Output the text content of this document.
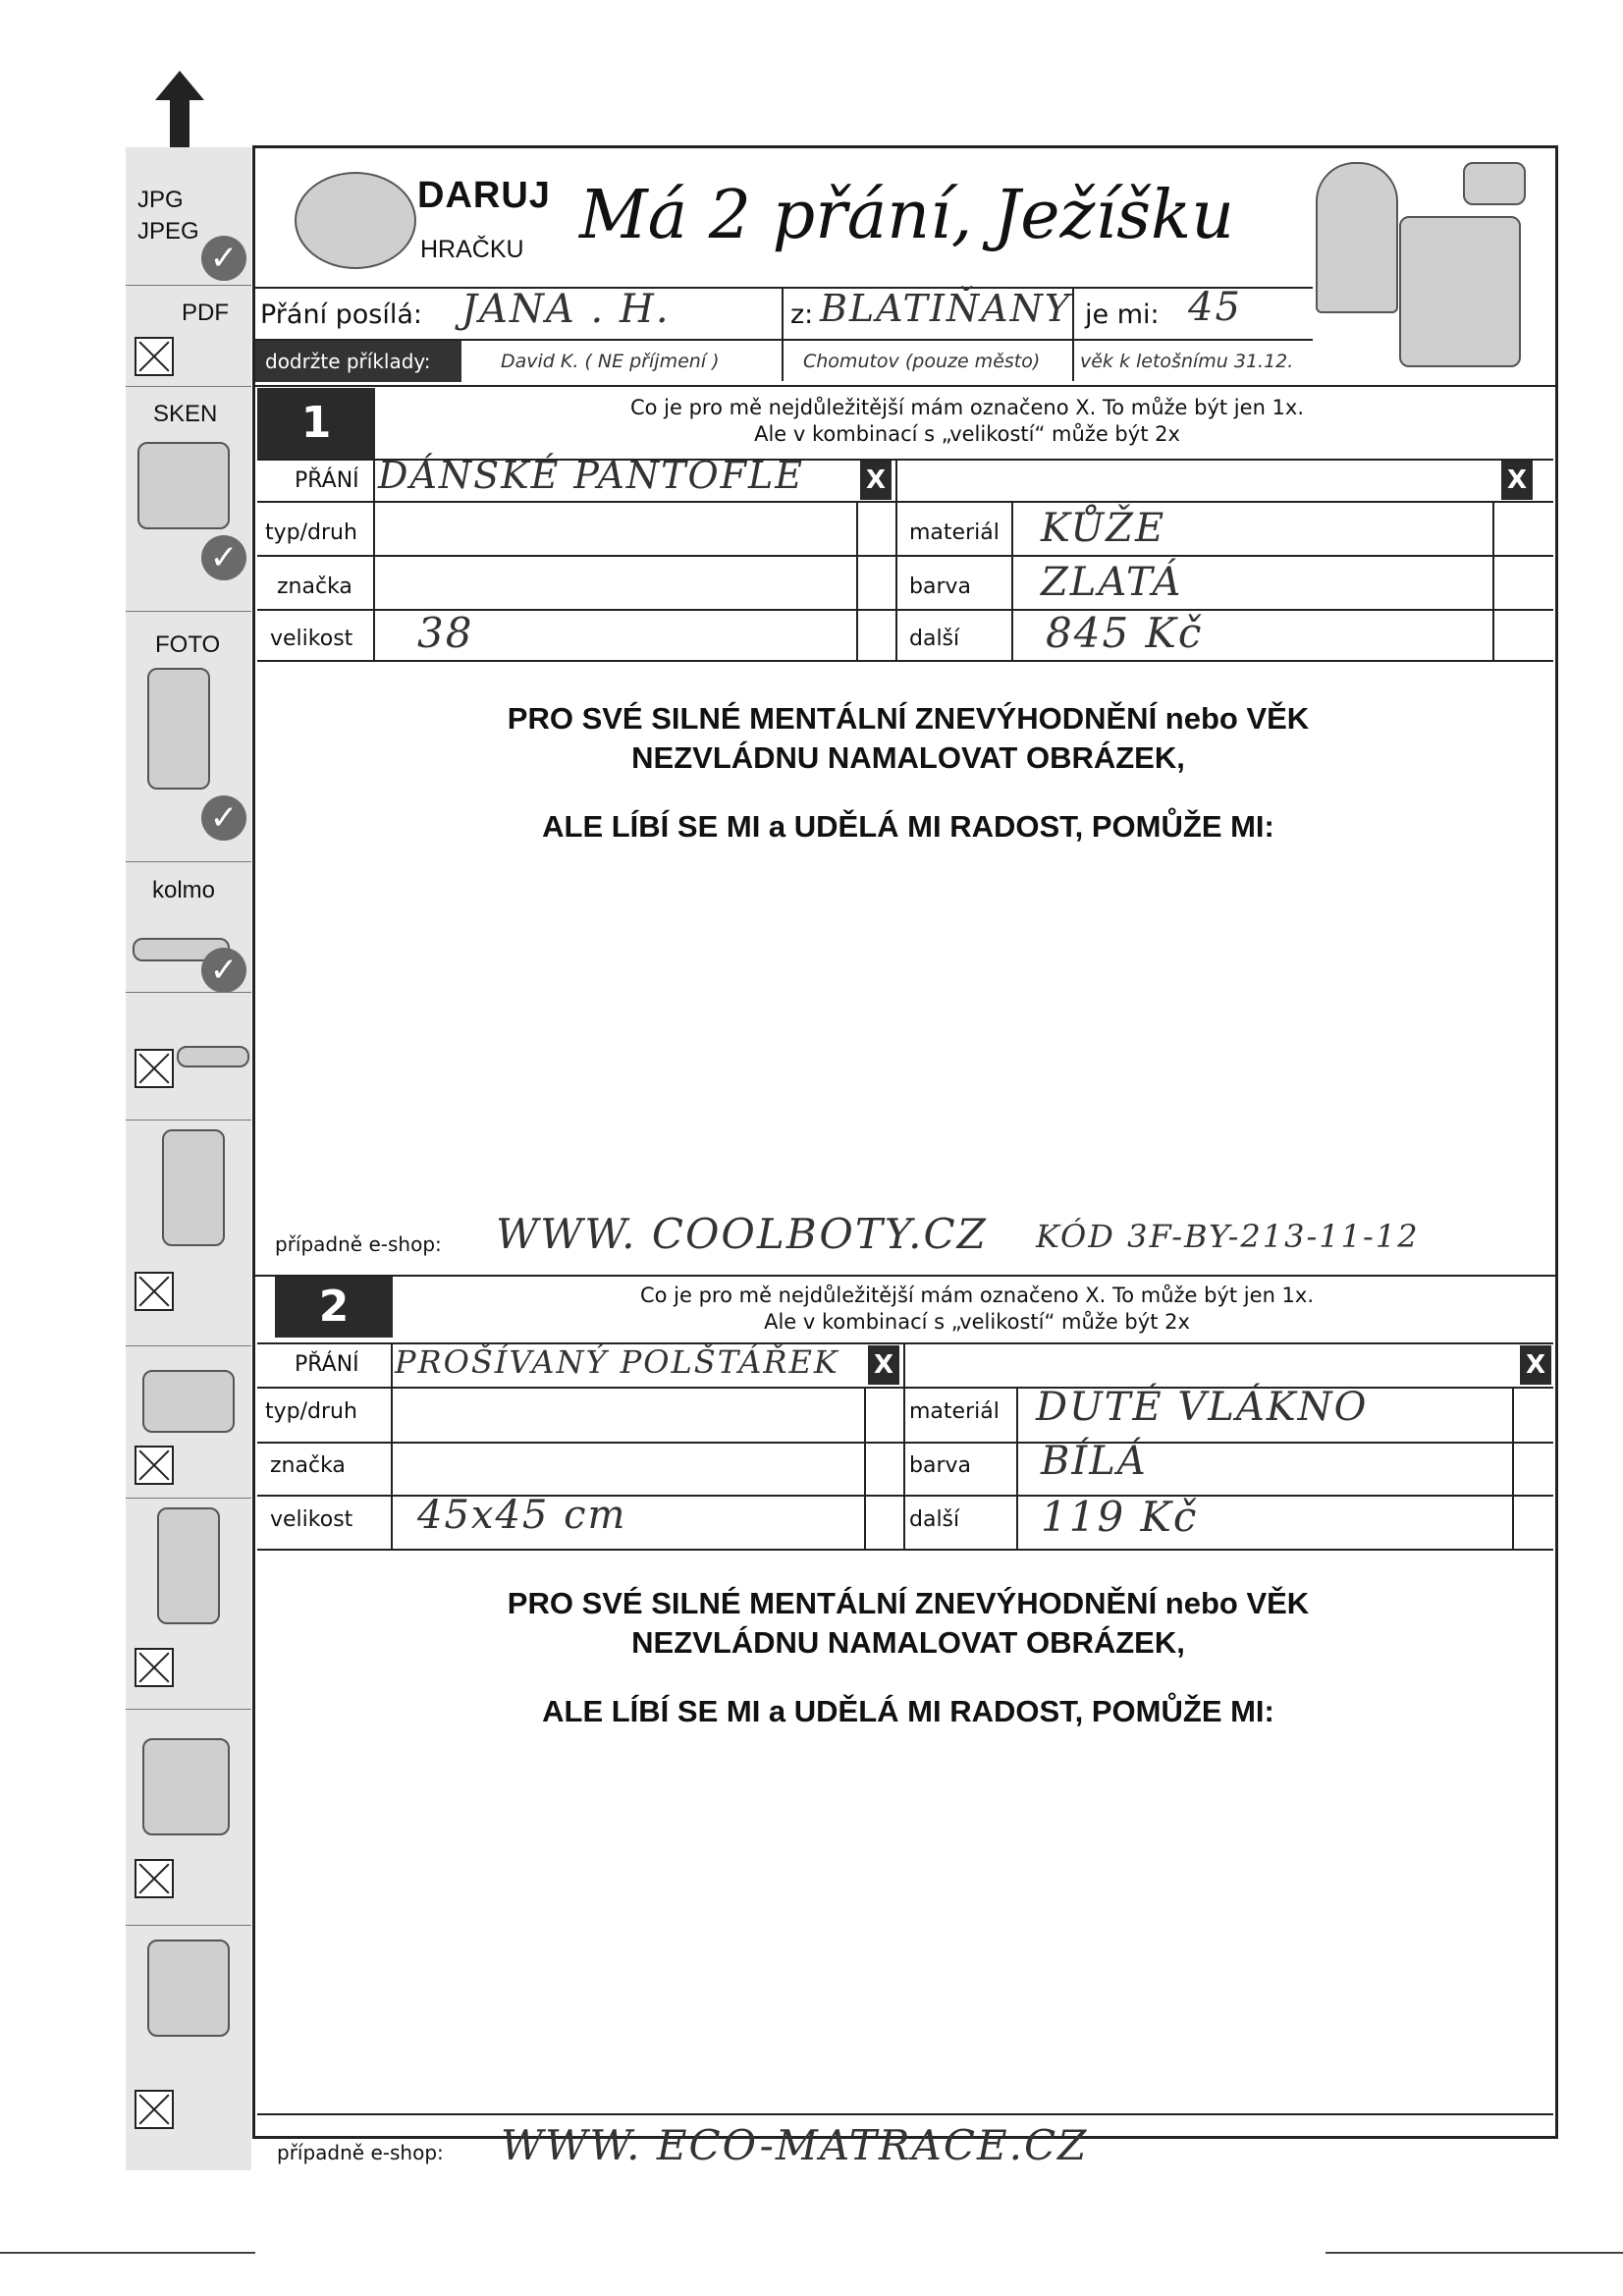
JPG
JPEG
✓
PDF
SKEN
✓
FOTO
✓
kolmo
✓
DARUJ
HRAČKU Má 2 přání, Ježíšku
Přání posílá: JANA . H.	z: BLATIŇANY je mi: 45
dodržte příklady:	David K. ( NE příjmení )	Chomutov (pouze město) věk k letošnímu 31.12.
1	Co je pro mě nejdůležitější mám označeno X. To může být jen 1x.
Ale v kombinací s „velikostí“ může být 2x
PŘÁNÍ DÁNSKÉ PANTOFLE X	X
typ/druh	materiál KŮŽE
značka	barva ZLATÁ
velikost 38	další 845 Kč
PRO SVÉ SILNÉ MENTÁLNÍ ZNEVÝHODNĚNÍ nebo VĚK
NEZVLÁDNU NAMALOVAT OBRÁZEK,
ALE LÍBÍ SE MI a UDĚLÁ MI RADOST, POMŮŽE MI:
případně e-shop: WWW. COOLBOTY.CZ KÓD 3F-BY-213-11-12
2	Co je pro mě nejdůležitější mám označeno X. To může být jen 1x.
Ale v kombinací s „velikostí“ může být 2x
PŘÁNÍ PROŠÍVANÝ POLŠTÁŘEK X	X
typ/druh	materiál DUTÉ VLÁKNO
značka	barva BÍLÁ
velikost 45x45 cm	další 119 Kč
PRO SVÉ SILNÉ MENTÁLNÍ ZNEVÝHODNĚNÍ nebo VĚK
NEZVLÁDNU NAMALOVAT OBRÁZEK,
ALE LÍBÍ SE MI a UDĚLÁ MI RADOST, POMŮŽE MI:
případně e-shop: WWW. ECO-MATRACE.CZ
